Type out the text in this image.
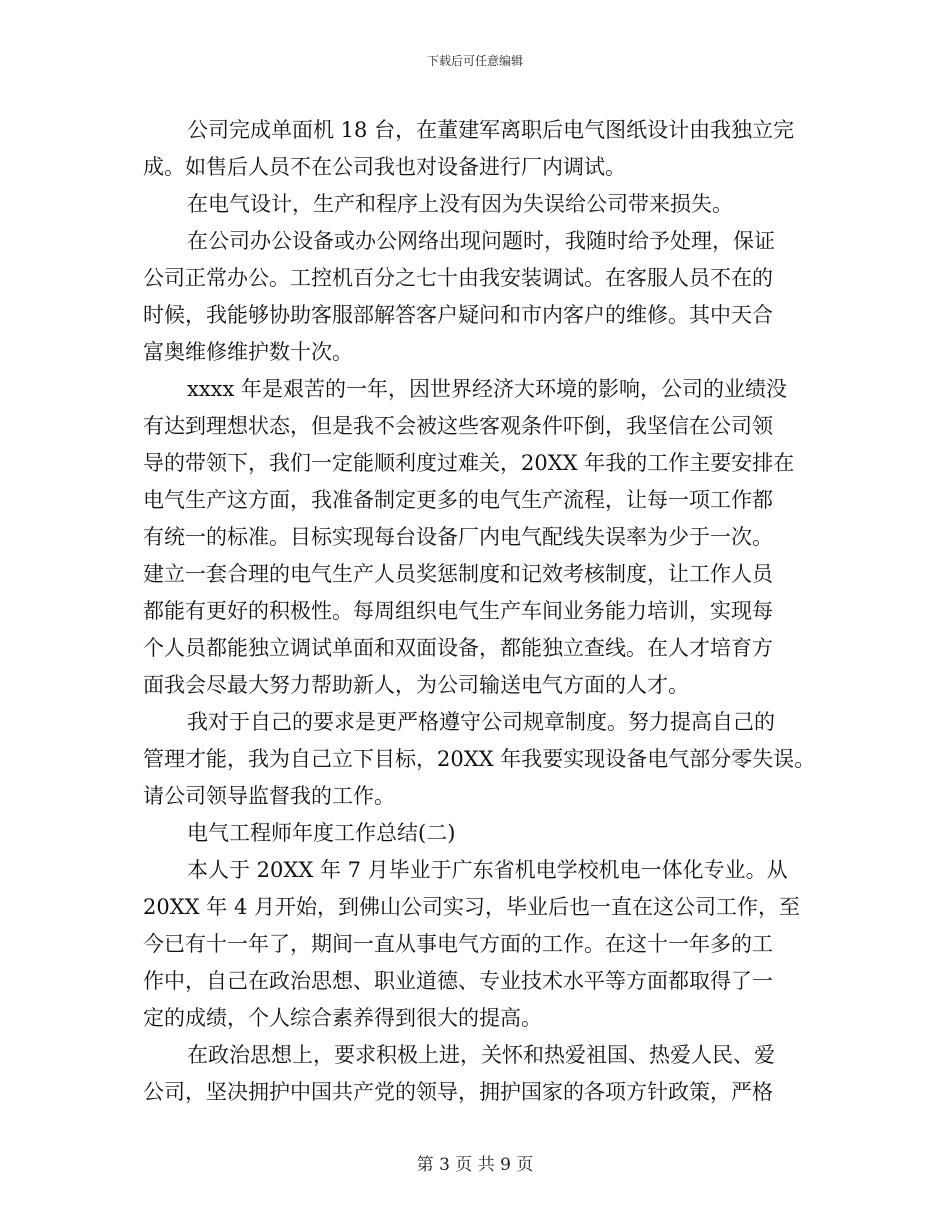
下载后可任意编辑
公司完成单面机 18 台，在董建军离职后电气图纸设计由我独立完
成。如售后人员不在公司我也对设备进行厂内调试。
在电气设计，生产和程序上没有因为失误给公司带来损失。
在公司办公设备或办公网络出现问题时，我随时给予处理，保证
公司正常办公。工控机百分之七十由我安装调试。在客服人员不在的
时候，我能够协助客服部解答客户疑问和市内客户的维修。其中天合
富奥维修维护数十次。
xxxx 年是艰苦的一年，因世界经济大环境的影响，公司的业绩没
有达到理想状态，但是我不会被这些客观条件吓倒，我坚信在公司领
导的带领下，我们一定能顺利度过难关，20XX 年我的工作主要安排在
电气生产这方面，我准备制定更多的电气生产流程，让每一项工作都
有统一的标准。目标实现每台设备厂内电气配线失误率为少于一次。
建立一套合理的电气生产人员奖惩制度和记效考核制度，让工作人员
都能有更好的积极性。每周组织电气生产车间业务能力培训，实现每
个人员都能独立调试单面和双面设备，都能独立查线。在人才培育方
面我会尽最大努力帮助新人，为公司输送电气方面的人才。
我对于自己的要求是更严格遵守公司规章制度。努力提高自己的
管理才能，我为自己立下目标，20XX 年我要实现设备电气部分零失误。
请公司领导监督我的工作。
电气工程师年度工作总结(二)
本人于 20XX 年 7 月毕业于广东省机电学校机电一体化专业。从
20XX 年 4 月开始，到佛山公司实习，毕业后也一直在这公司工作，至
今已有十一年了，期间一直从事电气方面的工作。在这十一年多的工
作中，自己在政治思想、职业道德、专业技术水平等方面都取得了一
定的成绩，个人综合素养得到很大的提高。
在政治思想上，要求积极上进，关怀和热爱祖国、热爱人民、爱
公司，坚决拥护中国共产党的领导，拥护国家的各项方针政策，严格
第 3 页 共 9 页
